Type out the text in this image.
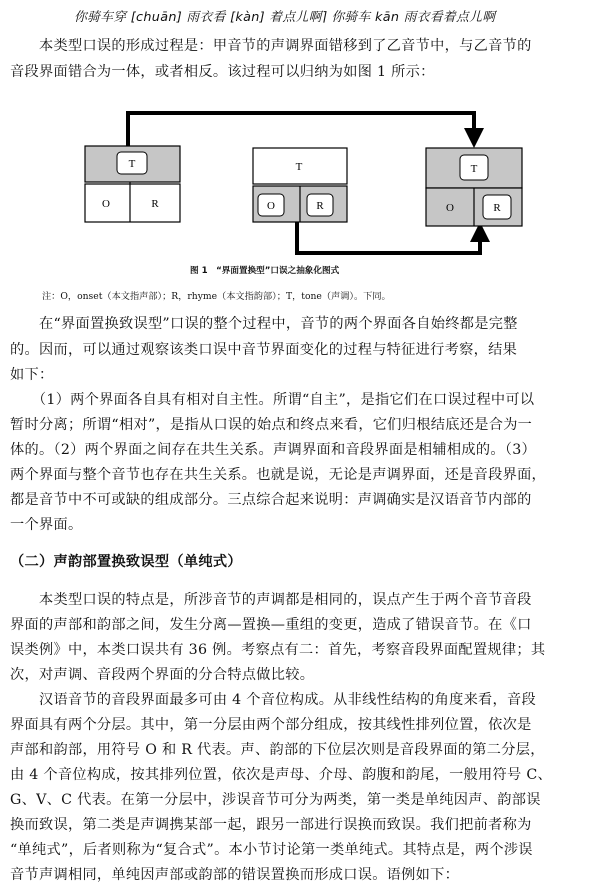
你骑车穿 [chuān] 雨衣看 [kàn] 着点儿啊⌉ 你骑车 kān 雨衣看着点儿啊
　　本类型口误的形成过程是：甲音节的声调界面错移到了乙音节中，与乙音节的
音段界面错合为一体，或者相反。该过程可以归纳为如图 1 所示：
T
O	R
T
O	R
T
O	R
图 1　“界面置换型”口误之抽象化图式
注：O，onset（本文指声部）；R，rhyme（本文指韵部）；T，tone（声调）。下同。
　　在“界面置换致误型”口误的整个过程中，音节的两个界面各自始终都是完整
的。因而，可以通过观察该类口误中音节界面变化的过程与特征进行考察，结果
如下：
　　（1）两个界面各自具有相对自主性。所谓“自主”，是指它们在口误过程中可以
暂时分离；所谓“相对”，是指从口误的始点和终点来看，它们归根结底还是合为一
体的。（2）两个界面之间存在共生关系。声调界面和音段界面是相辅相成的。（3）
两个界面与整个音节也存在共生关系。也就是说，无论是声调界面，还是音段界面，
都是音节中不可或缺的组成部分。三点综合起来说明：声调确实是汉语音节内部的
一个界面。
（二）声韵部置换致误型（单纯式）
　　本类型口误的特点是，所涉音节的声调都是相同的，误点产生于两个音节音段
界面的声部和韵部之间，发生分离—置换—重组的变更，造成了错误音节。在《口
误类例》中，本类口误共有 36 例。考察点有二：首先，考察音段界面配置规律；其
次，对声调、音段两个界面的分合特点做比较。
　　汉语音节的音段界面最多可由 4 个音位构成。从非线性结构的角度来看，音段
界面具有两个分层。其中，第一分层由两个部分组成，按其线性排列位置，依次是
声部和韵部，用符号 O 和 R 代表。声、韵部的下位层次则是音段界面的第二分层，
由 4 个音位构成，按其排列位置，依次是声母、介母、韵腹和韵尾，一般用符号 C、
G、V、C 代表。在第一分层中，涉误音节可分为两类，第一类是单纯因声、韵部误
换而致误，第二类是声调携某部一起，跟另一部进行误换而致误。我们把前者称为
“单纯式”，后者则称为“复合式”。本小节讨论第一类单纯式。其特点是，两个涉误
音节声调相同，单纯因声部或韵部的错误置换而形成口误。语例如下：
